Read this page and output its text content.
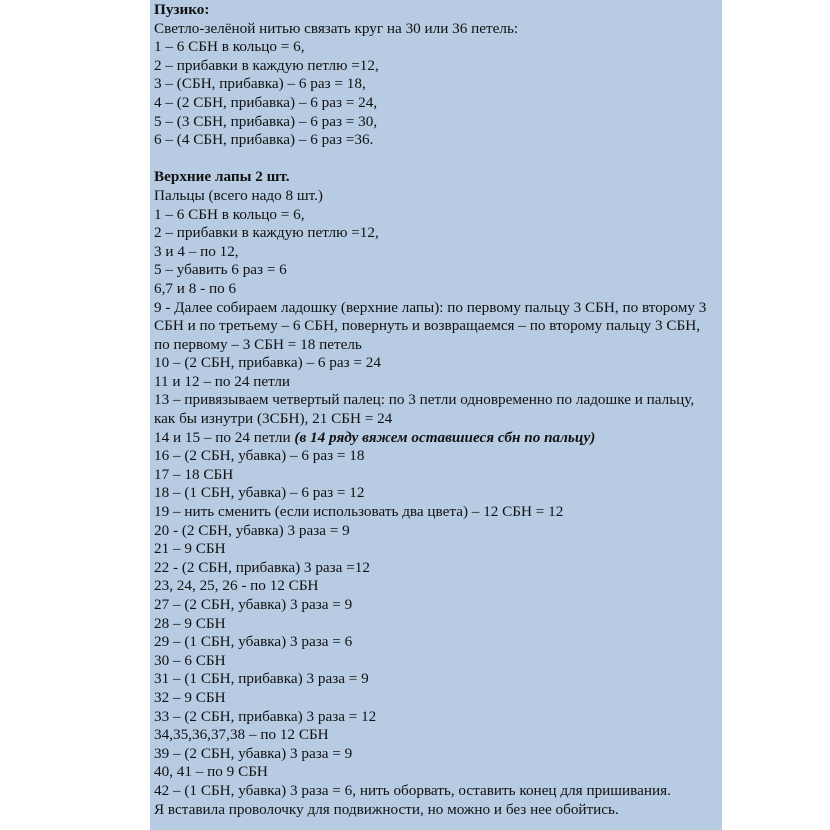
Пузико:
Светло-зелёной нитью связать круг на 30 или 36 петель:
1 – 6 СБН в кольцо = 6,
2 – прибавки в каждую петлю =12,
3 – (СБН, прибавка) – 6 раз = 18,
4 – (2 СБН, прибавка) – 6 раз = 24,
5 – (3 СБН, прибавка) – 6 раз = 30,
6 – (4 СБН, прибавка) – 6 раз =36.
Верхние лапы 2 шт.
Пальцы (всего надо 8 шт.)
1 – 6 СБН в кольцо = 6,
2 – прибавки в каждую петлю =12,
3 и 4 – по 12,
5 – убавить 6 раз = 6
6,7 и 8 - по 6
9 - Далее собираем ладошку (верхние лапы): по первому пальцу 3 СБН, по второму 3 СБН и по третьему – 6 СБН, повернуть и возвращаемся – по второму пальцу 3 СБН, по первому – 3 СБН = 18 петель
10 – (2 СБН, прибавка) – 6 раз = 24
11 и 12 – по 24 петли
13 – привязываем четвертый палец: по 3 петли одновременно по ладошке и пальцу, как бы изнутри (3СБН), 21 СБН = 24
14 и 15 – по 24 петли (в 14 ряду вяжем оставшиеся сбн по пальцу)
16 – (2 СБН, убавка) – 6 раз = 18
17 – 18 СБН
18 – (1 СБН, убавка) – 6 раз = 12
19 – нить сменить (если использовать два цвета) – 12 СБН = 12
20 - (2 СБН, убавка) 3 раза = 9
21 – 9 СБН
22 - (2 СБН, прибавка) 3 раза =12
23, 24, 25, 26 - по 12 СБН
27 – (2 СБН, убавка) 3 раза = 9
28 – 9 СБН
29 – (1 СБН, убавка) 3 раза = 6
30 – 6 СБН
31 – (1 СБН, прибавка) 3 раза = 9
32 – 9 СБН
33 – (2 СБН, прибавка) 3 раза = 12
34,35,36,37,38 – по 12 СБН
39 – (2 СБН, убавка) 3 раза = 9
40, 41 – по 9 СБН
42 – (1 СБН, убавка) 3 раза = 6, нить оборвать, оставить конец для пришивания.
Я вставила проволочку для подвижности, но можно и без нее обойтись.
